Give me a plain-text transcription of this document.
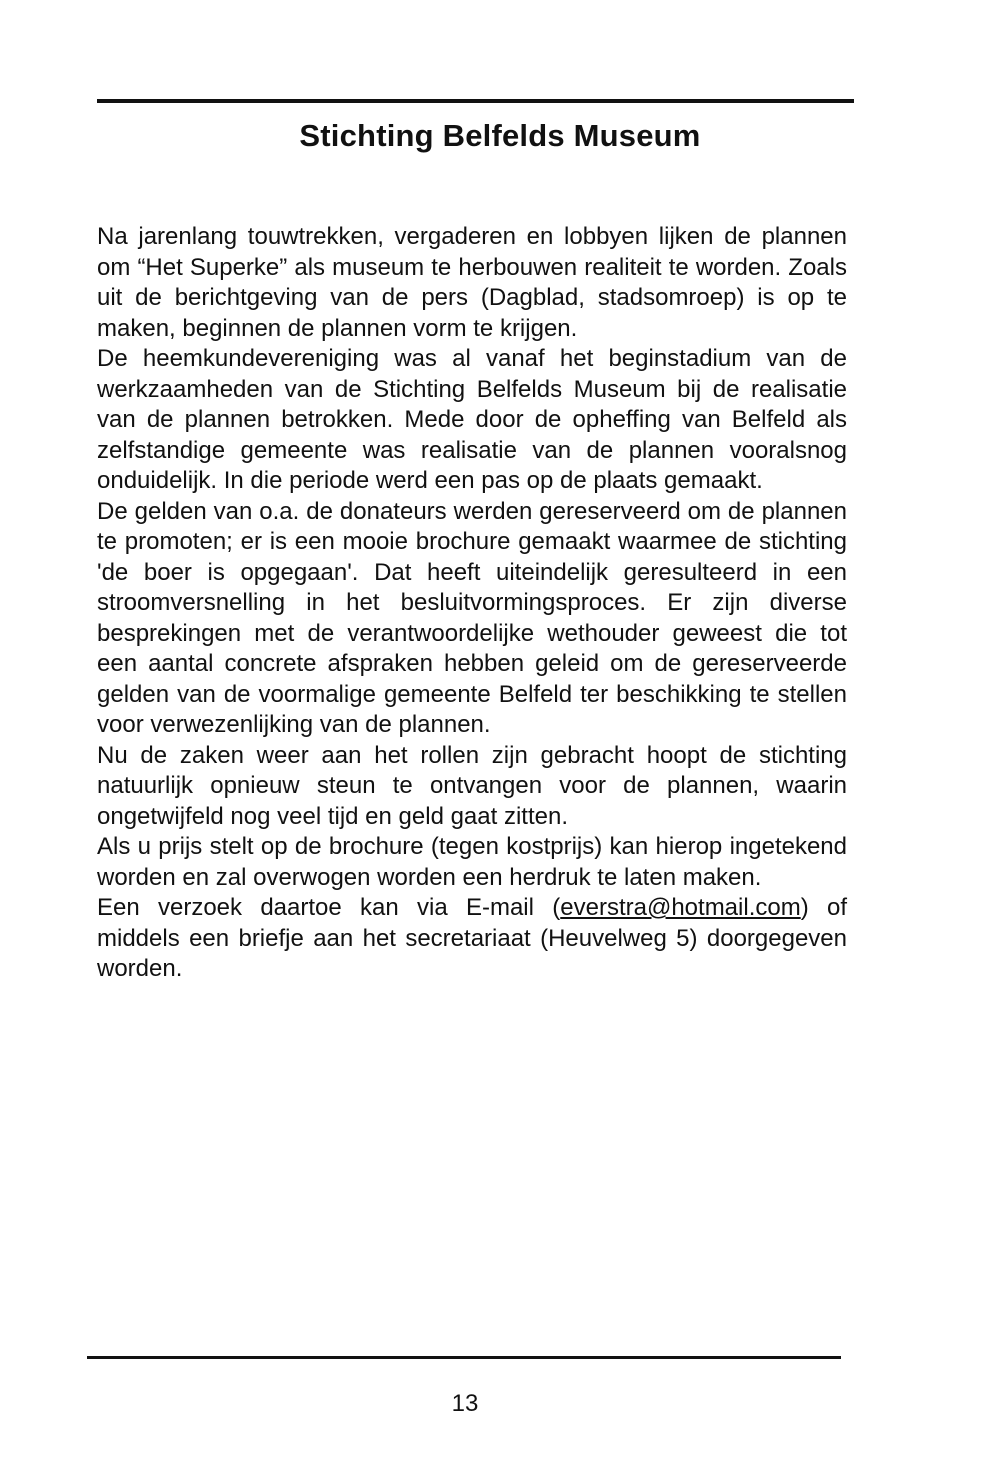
Stichting Belfelds Museum

Na jarenlang touwtrekken, vergaderen en lobbyen lijken de plannen om “Het Superke” als museum te herbouwen realiteit te worden. Zoals uit de berichtgeving van de pers (Dagblad, stadsomroep) is op te maken, beginnen de plannen vorm te krijgen.

De heemkundevereniging was al vanaf het beginstadium van de werkzaamheden van de Stichting Belfelds Museum bij de realisatie van de plannen betrokken. Mede door de opheffing van Belfeld als zelfstandige gemeente was realisatie van de plannen vooralsnog onduidelijk. In die periode werd een pas op de plaats gemaakt.

De gelden van o.a. de donateurs werden gereserveerd om de plannen te promoten; er is een mooie brochure gemaakt waarmee de stichting 'de boer is opgegaan'. Dat heeft uiteindelijk geresulteerd in een stroomversnelling in het besluitvormingsproces. Er zijn diverse besprekingen met de verantwoordelijke wethouder geweest die tot een aantal concrete afspraken hebben geleid om de gereserveerde gelden van de voormalige gemeente Belfeld ter beschikking te stellen voor verwezenlijking van de plannen.

Nu de zaken weer aan het rollen zijn gebracht hoopt de stichting natuurlijk opnieuw steun te ontvangen voor de plannen, waarin ongetwijfeld nog veel tijd en geld gaat zitten.

Als u prijs stelt op de brochure (tegen kostprijs) kan hierop ingetekend worden en zal overwogen worden een herdruk te laten maken.

Een verzoek daartoe kan via E-mail (everstra@hotmail.com) of middels een briefje aan het secretariaat (Heuvelweg 5) doorgegeven worden.

13
